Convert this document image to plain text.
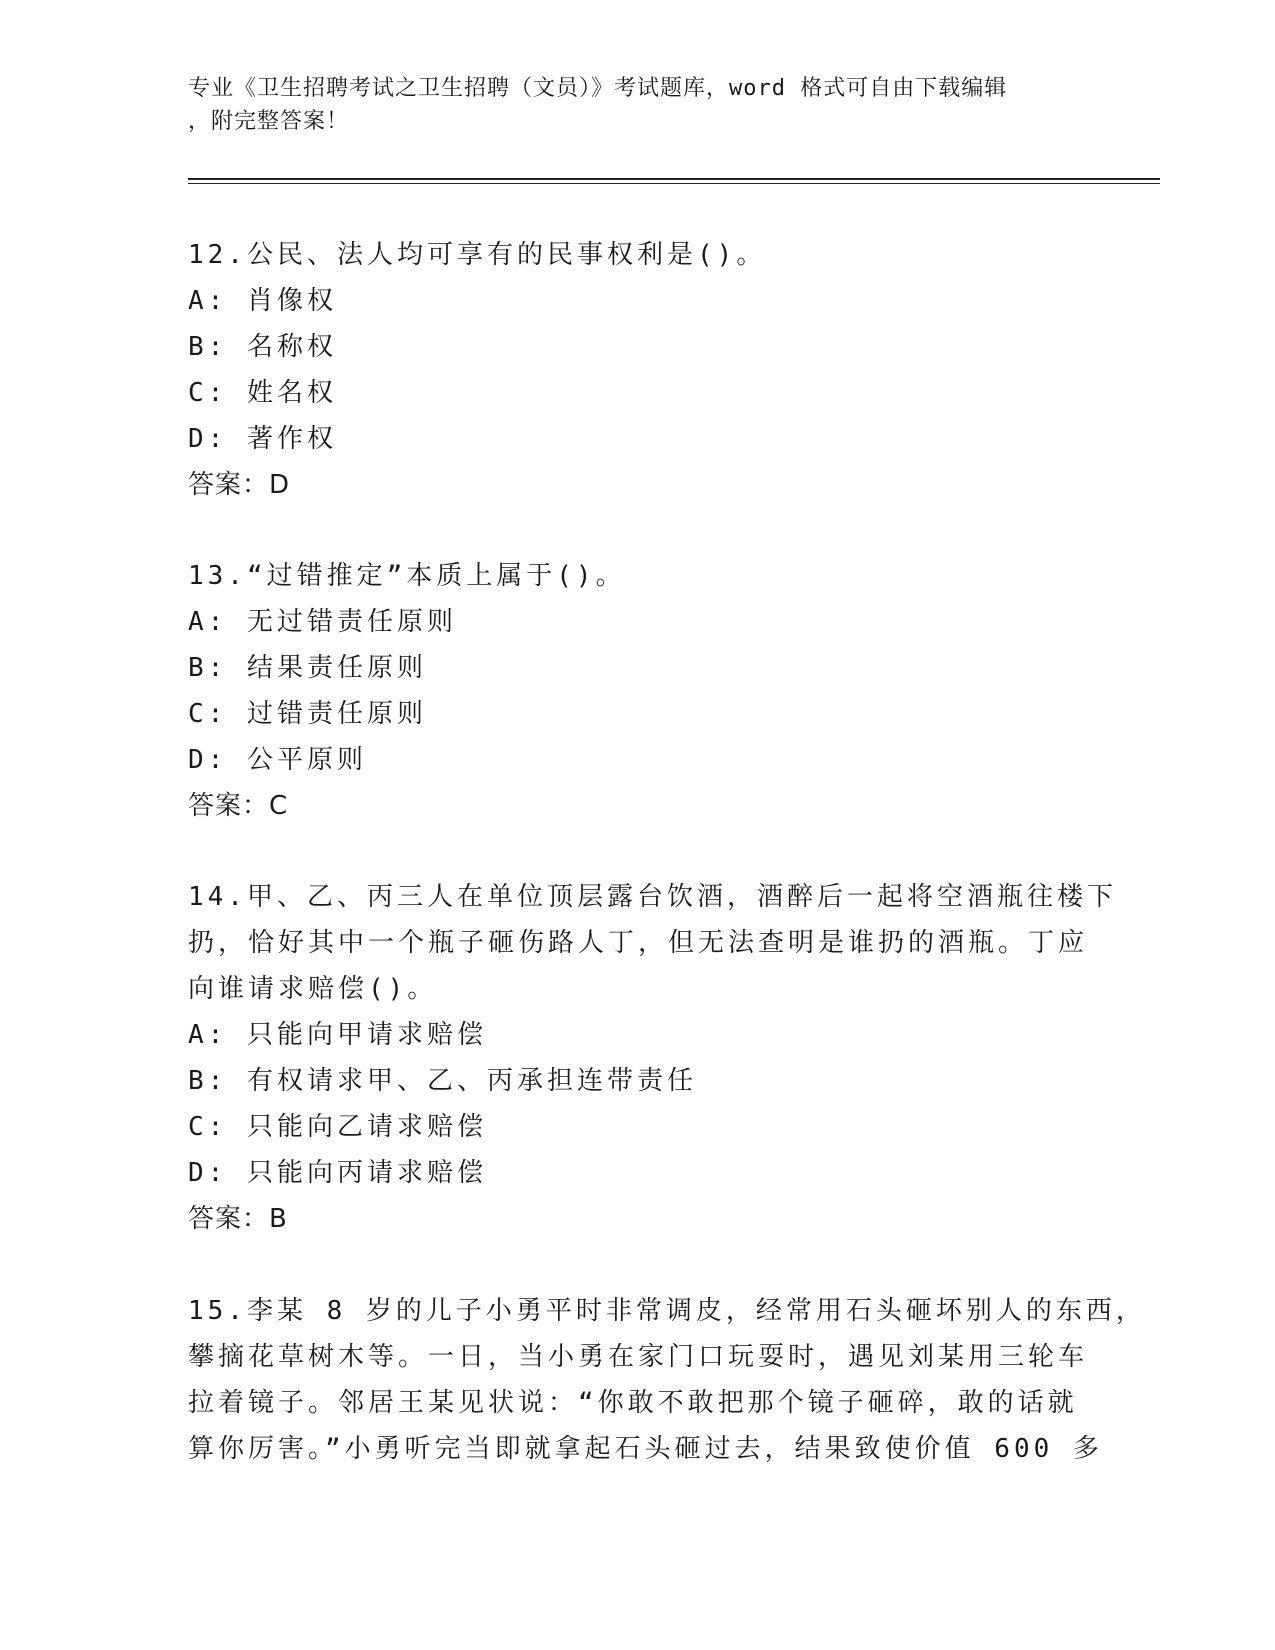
专业《卫生招聘考试之卫生招聘（文员）》考试题库，word 格式可自由下载编辑
，附完整答案！
12.公民、法人均可享有的民事权利是()。
A: 肖像权
B: 名称权
C: 姓名权
D: 著作权
答案：D
13.“过错推定”本质上属于()。
A: 无过错责任原则
B: 结果责任原则
C: 过错责任原则
D: 公平原则
答案：C
14.甲、乙、丙三人在单位顶层露台饮酒，酒醉后一起将空酒瓶往楼下
扔，恰好其中一个瓶子砸伤路人丁，但无法查明是谁扔的酒瓶。丁应
向谁请求赔偿()。
A: 只能向甲请求赔偿
B: 有权请求甲、乙、丙承担连带责任
C: 只能向乙请求赔偿
D: 只能向丙请求赔偿
答案：B
15.李某 8 岁的儿子小勇平时非常调皮，经常用石头砸坏别人的东西，
攀摘花草树木等。一日，当小勇在家门口玩耍时，遇见刘某用三轮车
拉着镜子。邻居王某见状说：“你敢不敢把那个镜子砸碎，敢的话就
算你厉害。”小勇听完当即就拿起石头砸过去，结果致使价值 600 多
